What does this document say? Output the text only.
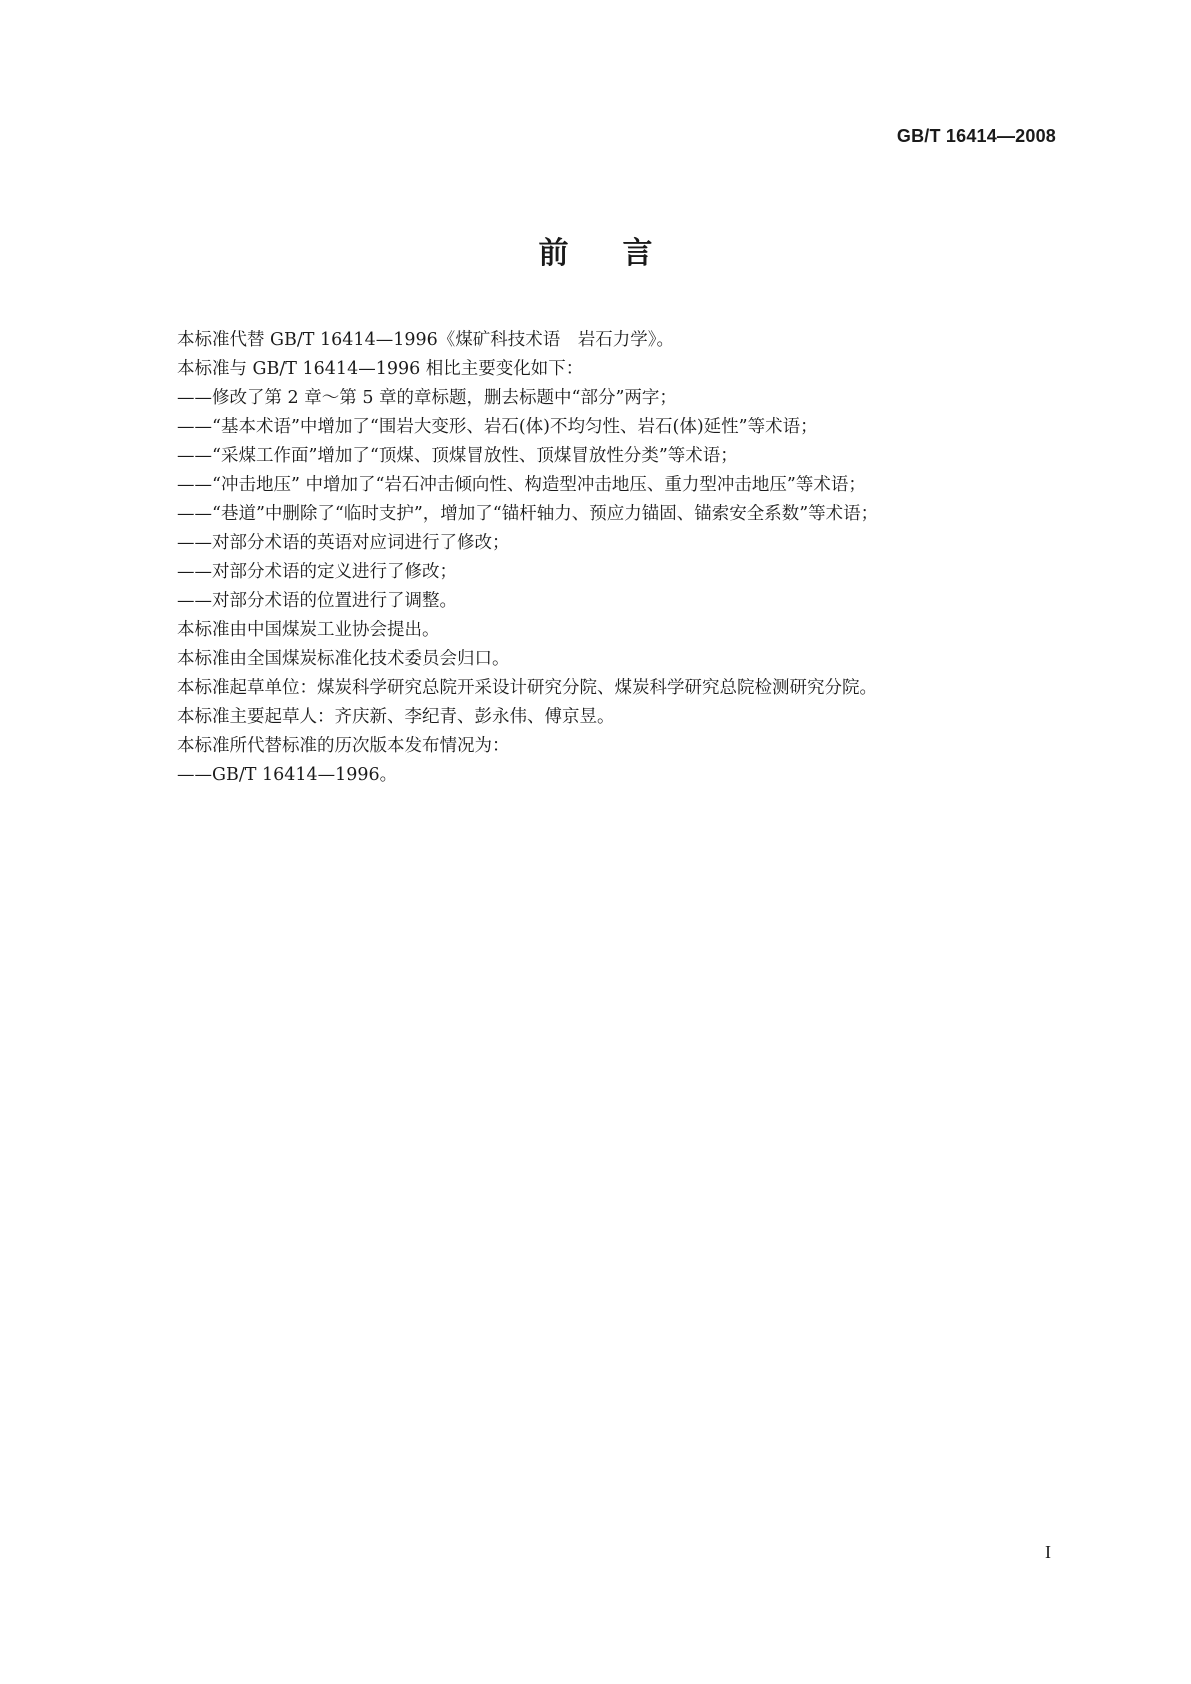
GB/T 16414—2008
前言
本标准代替 GB/T 16414—1996《煤矿科技术语　岩石力学》。
本标准与 GB/T 16414—1996 相比主要变化如下：
——修改了第 2 章～第 5 章的章标题，删去标题中“部分”两字；
——“基本术语”中增加了“围岩大变形、岩石(体)不均匀性、岩石(体)延性”等术语；
——“采煤工作面”增加了“顶煤、顶煤冒放性、顶煤冒放性分类”等术语；
——“冲击地压” 中增加了“岩石冲击倾向性、构造型冲击地压、重力型冲击地压”等术语；
——“巷道”中删除了“临时支护”，增加了“锚杆轴力、预应力锚固、锚索安全系数”等术语；
——对部分术语的英语对应词进行了修改；
——对部分术语的定义进行了修改；
——对部分术语的位置进行了调整。
本标准由中国煤炭工业协会提出。
本标准由全国煤炭标准化技术委员会归口。
本标准起草单位：煤炭科学研究总院开采设计研究分院、煤炭科学研究总院检测研究分院。
本标准主要起草人：齐庆新、李纪青、彭永伟、傅京昱。
本标准所代替标准的历次版本发布情况为：
——GB/T 16414—1996。
I
